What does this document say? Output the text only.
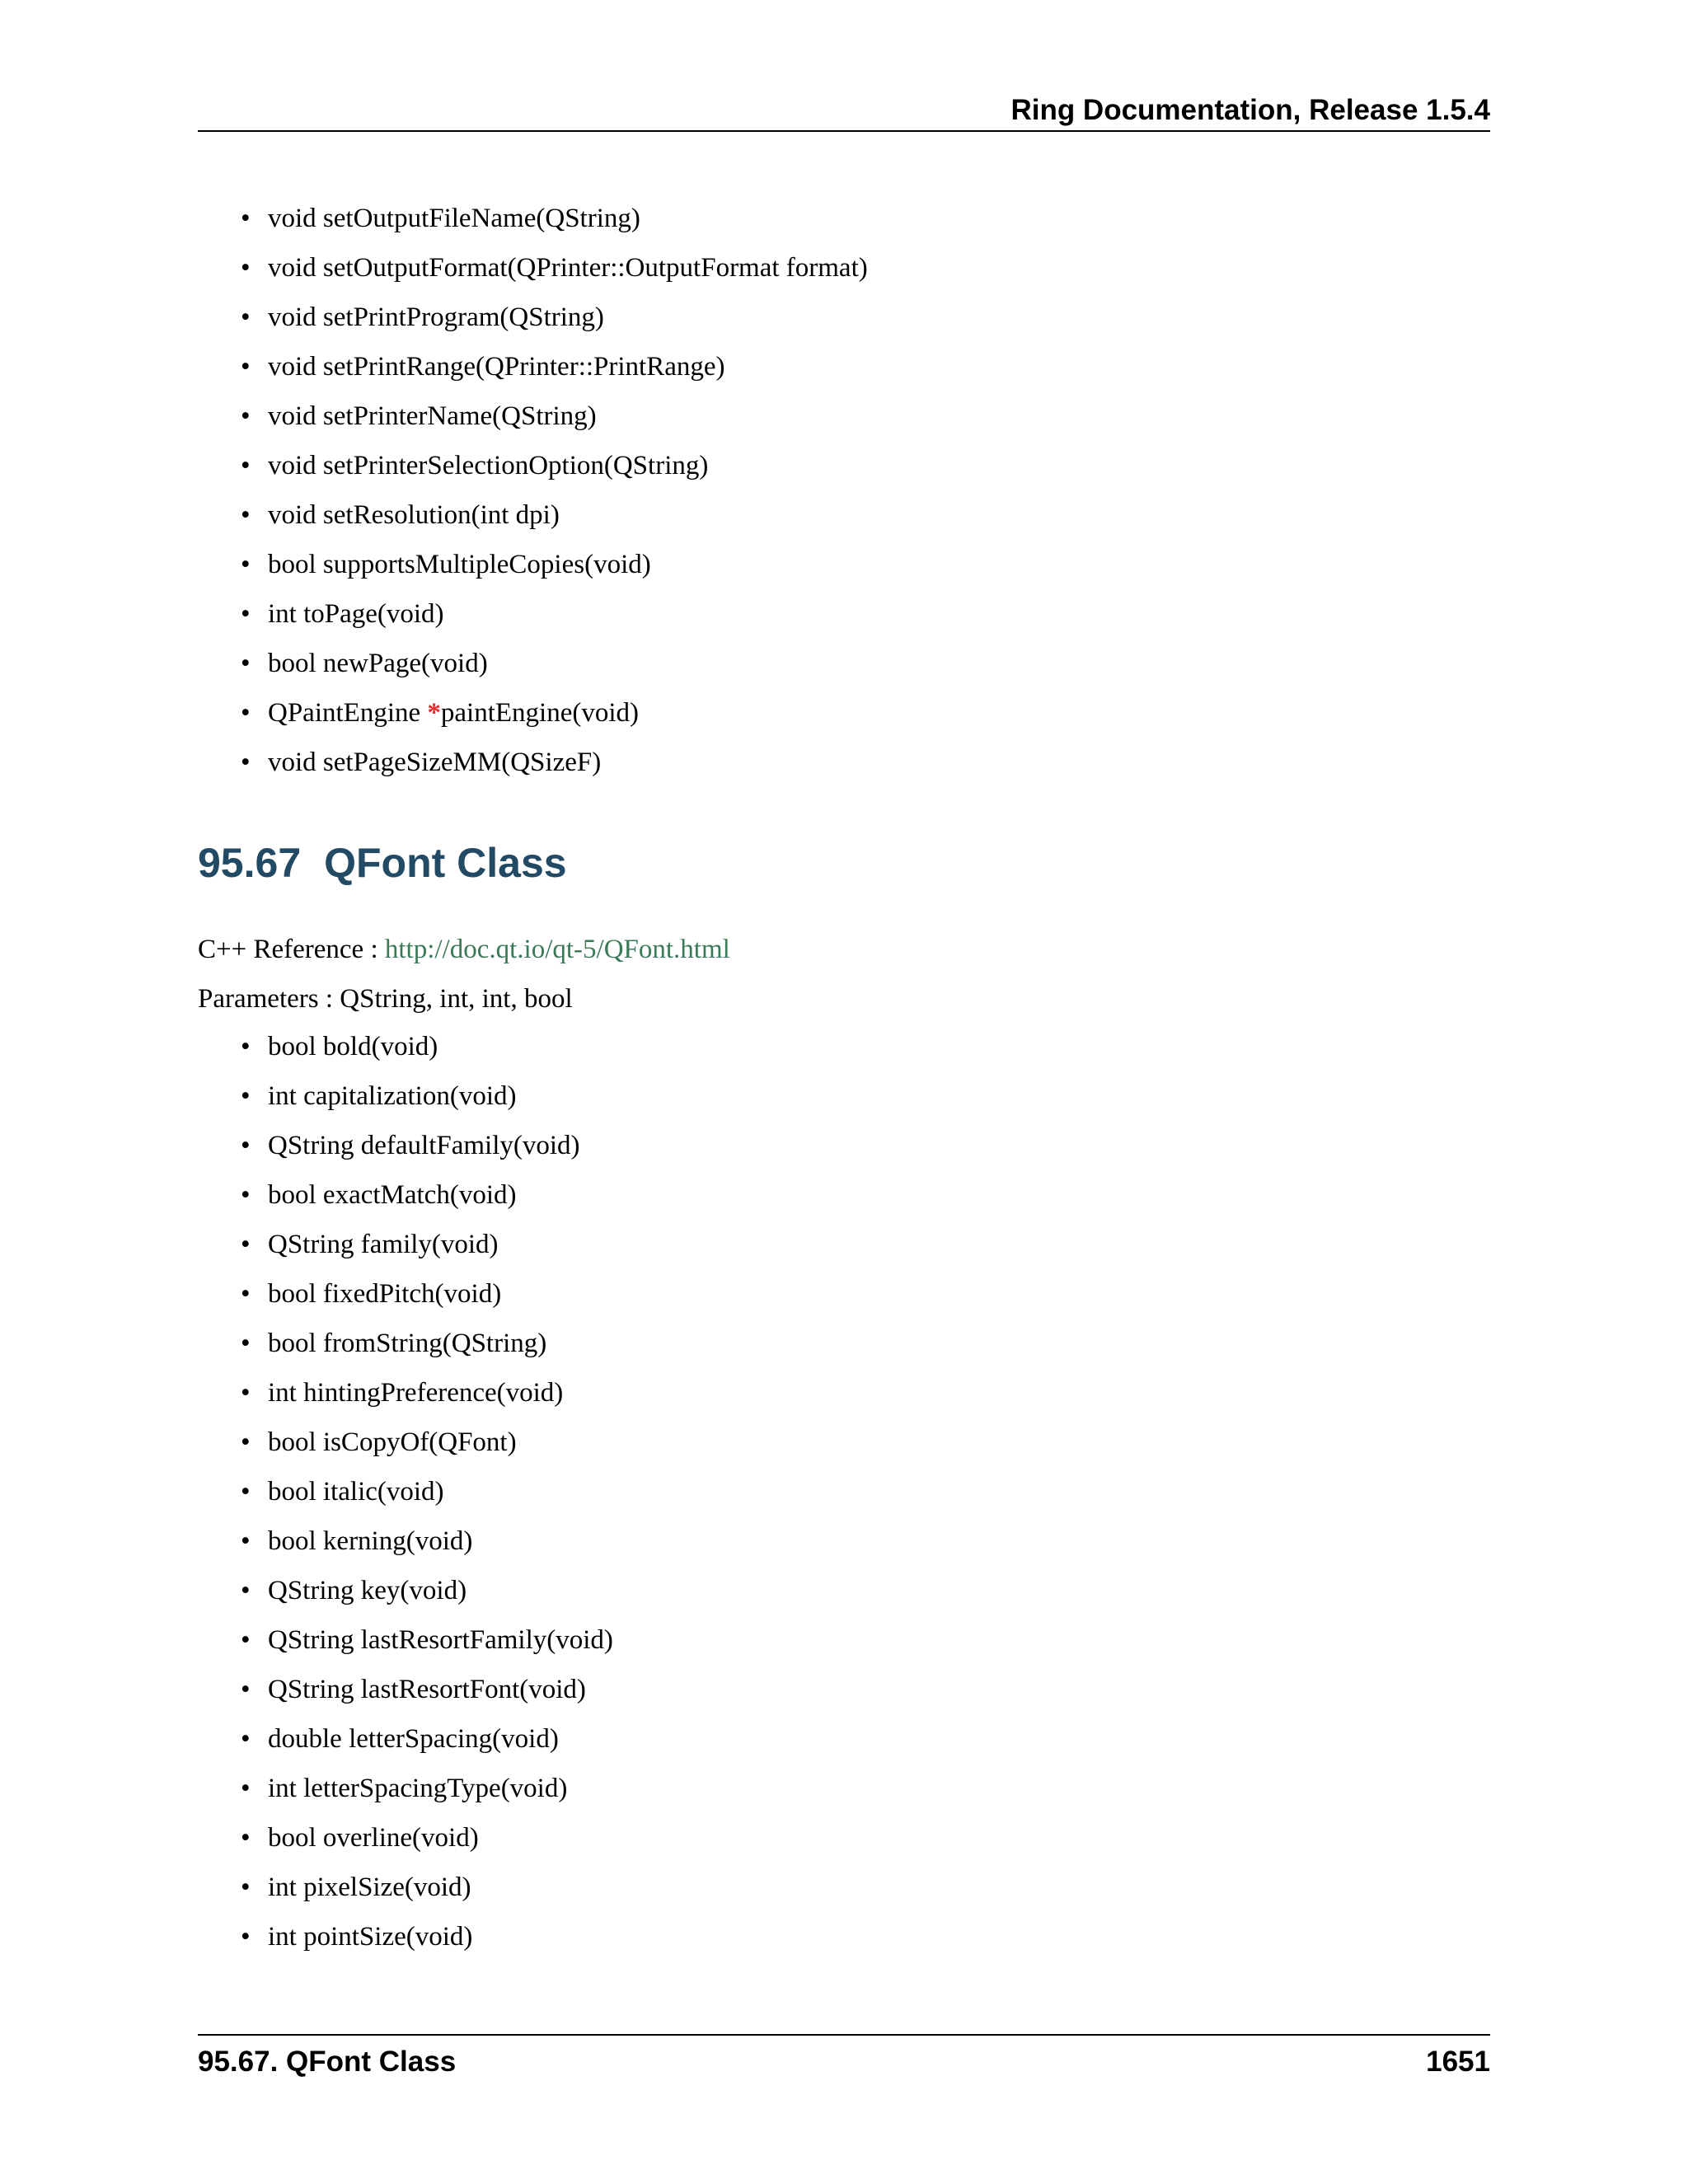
Ring Documentation, Release 1.5.4
• void setOutputFileName(QString)
• void setOutputFormat(QPrinter::OutputFormat format)
• void setPrintProgram(QString)
• void setPrintRange(QPrinter::PrintRange)
• void setPrinterName(QString)
• void setPrinterSelectionOption(QString)
• void setResolution(int dpi)
• bool supportsMultipleCopies(void)
• int toPage(void)
• bool newPage(void)
• QPaintEngine *paintEngine(void)
• void setPageSizeMM(QSizeF)
95.67 QFont Class

C++ Reference : http://doc.qt.io/qt-5/QFont.html

Parameters : QString, int, int, bool

• bool bold(void)
• int capitalization(void)
• QString defaultFamily(void)
• bool exactMatch(void)
• QString family(void)
• bool fixedPitch(void)
• bool fromString(QString)
• int hintingPreference(void)
• bool isCopyOf(QFont)
• bool italic(void)
• bool kerning(void)
• QString key(void)
• QString lastResortFamily(void)
• QString lastResortFont(void)
• double letterSpacing(void)
• int letterSpacingType(void)
• bool overline(void)
• int pixelSize(void)
• int pointSize(void)
95.67. QFont Class	1651
